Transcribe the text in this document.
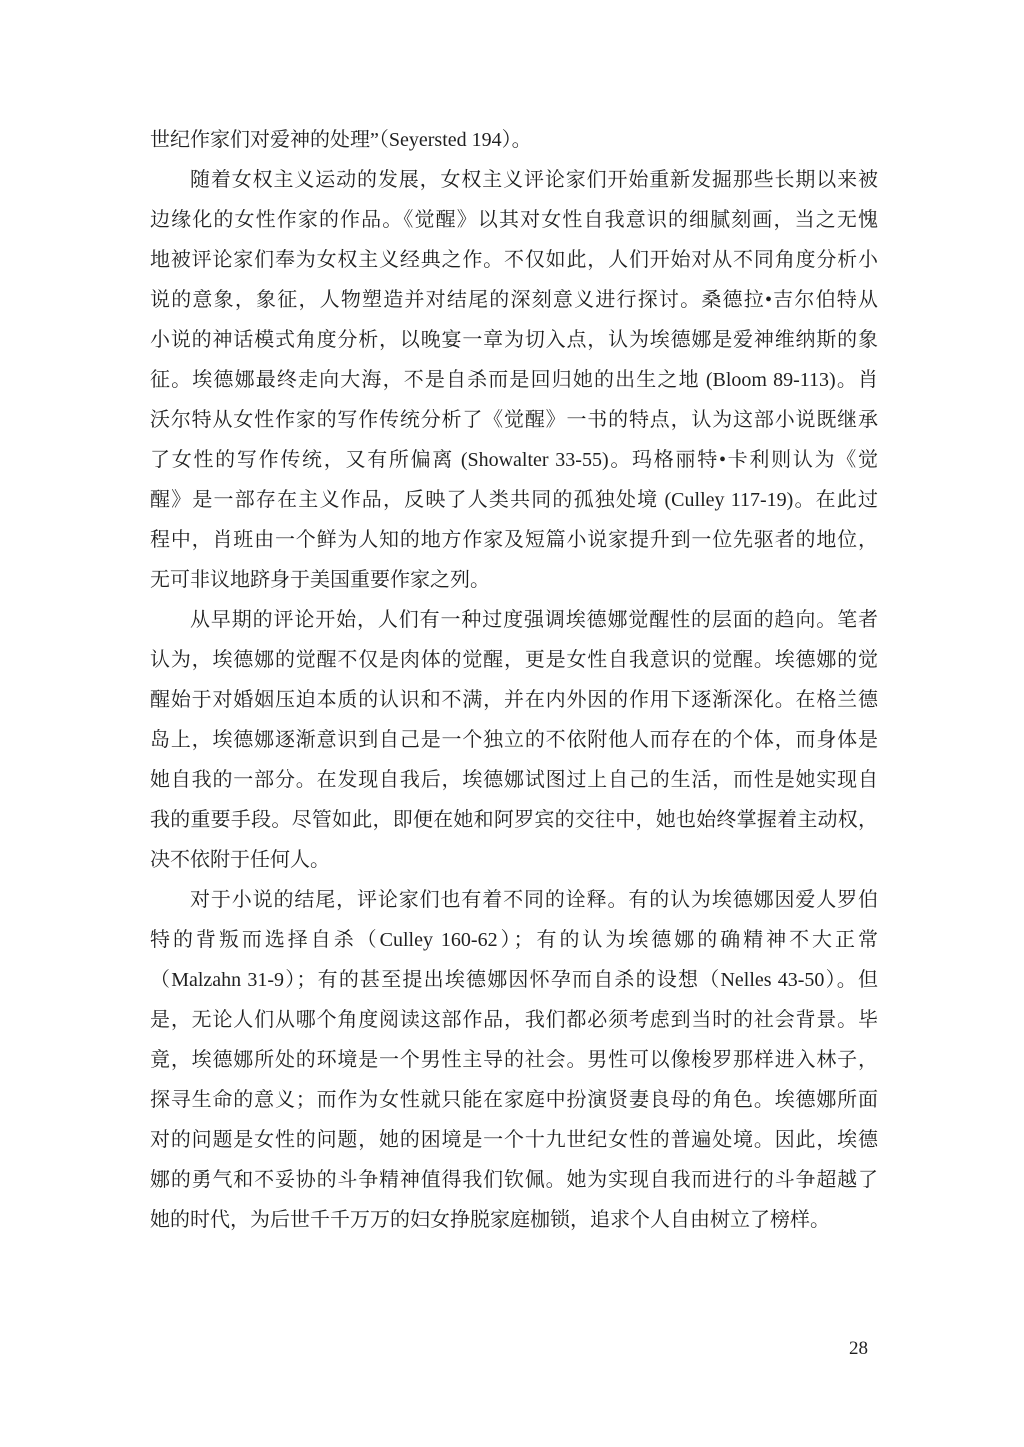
世纪作家们对爱神的处理”（Seyersted 194）。
随着女权主义运动的发展，女权主义评论家们开始重新发掘那些长期以来被
边缘化的女性作家的作品。《觉醒》以其对女性自我意识的细腻刻画，当之无愧
地被评论家们奉为女权主义经典之作。不仅如此，人们开始对从不同角度分析小
说的意象，象征，人物塑造并对结尾的深刻意义进行探讨。桑德拉•吉尔伯特从
小说的神话模式角度分析，以晚宴一章为切入点，认为埃德娜是爱神维纳斯的象
征。埃德娜最终走向大海，不是自杀而是回归她的出生之地 (Bloom 89-113)。肖
沃尔特从女性作家的写作传统分析了《觉醒》一书的特点，认为这部小说既继承
了女性的写作传统，又有所偏离 (Showalter 33-55)。玛格丽特•卡利则认为《觉
醒》是一部存在主义作品，反映了人类共同的孤独处境 (Culley 117-19)。在此过
程中，肖班由一个鲜为人知的地方作家及短篇小说家提升到一位先驱者的地位，
无可非议地跻身于美国重要作家之列。
从早期的评论开始，人们有一种过度强调埃德娜觉醒性的层面的趋向。笔者
认为，埃德娜的觉醒不仅是肉体的觉醒，更是女性自我意识的觉醒。埃德娜的觉
醒始于对婚姻压迫本质的认识和不满，并在内外因的作用下逐渐深化。在格兰德
岛上，埃德娜逐渐意识到自己是一个独立的不依附他人而存在的个体，而身体是
她自我的一部分。在发现自我后，埃德娜试图过上自己的生活，而性是她实现自
我的重要手段。尽管如此，即便在她和阿罗宾的交往中，她也始终掌握着主动权，
决不依附于任何人。
对于小说的结尾，评论家们也有着不同的诠释。有的认为埃德娜因爱人罗伯
特的背叛而选择自杀（Culley 160-62）；有的认为埃德娜的确精神不大正常
（Malzahn 31-9）；有的甚至提出埃德娜因怀孕而自杀的设想（Nelles 43-50）。但
是，无论人们从哪个角度阅读这部作品，我们都必须考虑到当时的社会背景。毕
竟，埃德娜所处的环境是一个男性主导的社会。男性可以像梭罗那样进入林子，
探寻生命的意义；而作为女性就只能在家庭中扮演贤妻良母的角色。埃德娜所面
对的问题是女性的问题，她的困境是一个十九世纪女性的普遍处境。因此，埃德
娜的勇气和不妥协的斗争精神值得我们钦佩。她为实现自我而进行的斗争超越了
她的时代，为后世千千万万的妇女挣脱家庭枷锁，追求个人自由树立了榜样。
28
